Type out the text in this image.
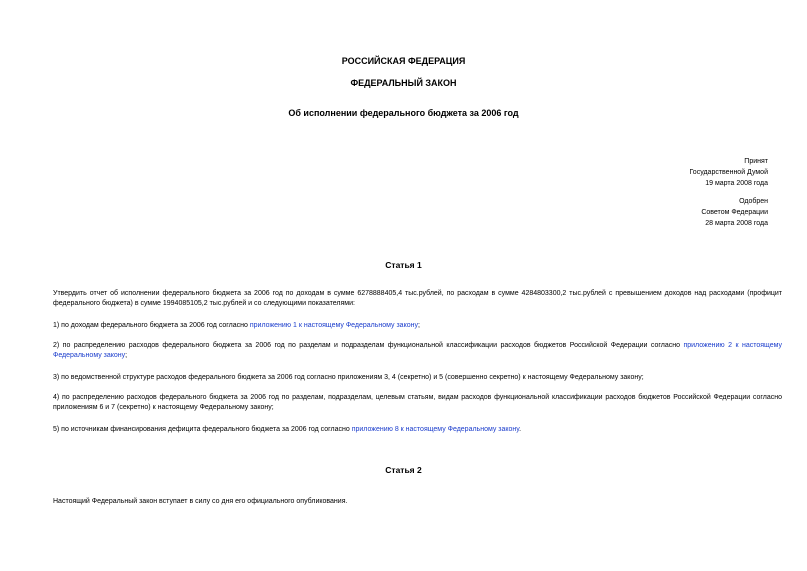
РОССИЙСКАЯ ФЕДЕРАЦИЯ
ФЕДЕРАЛЬНЫЙ ЗАКОН
Об исполнении федерального бюджета за 2006 год
Принят
Государственной Думой
19 марта 2008 года
Одобрен
Советом Федерации
28 марта 2008 года
Статья 1
Утвердить отчет об исполнении федерального бюджета за 2006 год по доходам в сумме 6278888405,4 тыс.рублей, по расходам в сумме 4284803300,2 тыс.рублей с превышением доходов над расходами (профицит федерального бюджета) в сумме 1994085105,2 тыс.рублей и со следующими показателями:
1) по доходам федерального бюджета за 2006 год согласно приложению 1 к настоящему Федеральному закону;
2) по распределению расходов федерального бюджета за 2006 год по разделам и подразделам функциональной классификации расходов бюджетов Российской Федерации согласно приложению 2 к настоящему Федеральному закону;
3) по ведомственной структуре расходов федерального бюджета за 2006 год согласно приложениям 3, 4 (секретно) и 5 (совершенно секретно) к настоящему Федеральному закону;
4) по распределению расходов федерального бюджета за 2006 год по разделам, подразделам, целевым статьям, видам расходов функциональной классификации расходов бюджетов Российской Федерации согласно приложениям 6 и 7 (секретно) к настоящему Федеральному закону;
5) по источникам финансирования дефицита федерального бюджета за 2006 год согласно приложению 8 к настоящему Федеральному закону.
Статья 2
Настоящий Федеральный закон вступает в силу со дня его официального опубликования.
